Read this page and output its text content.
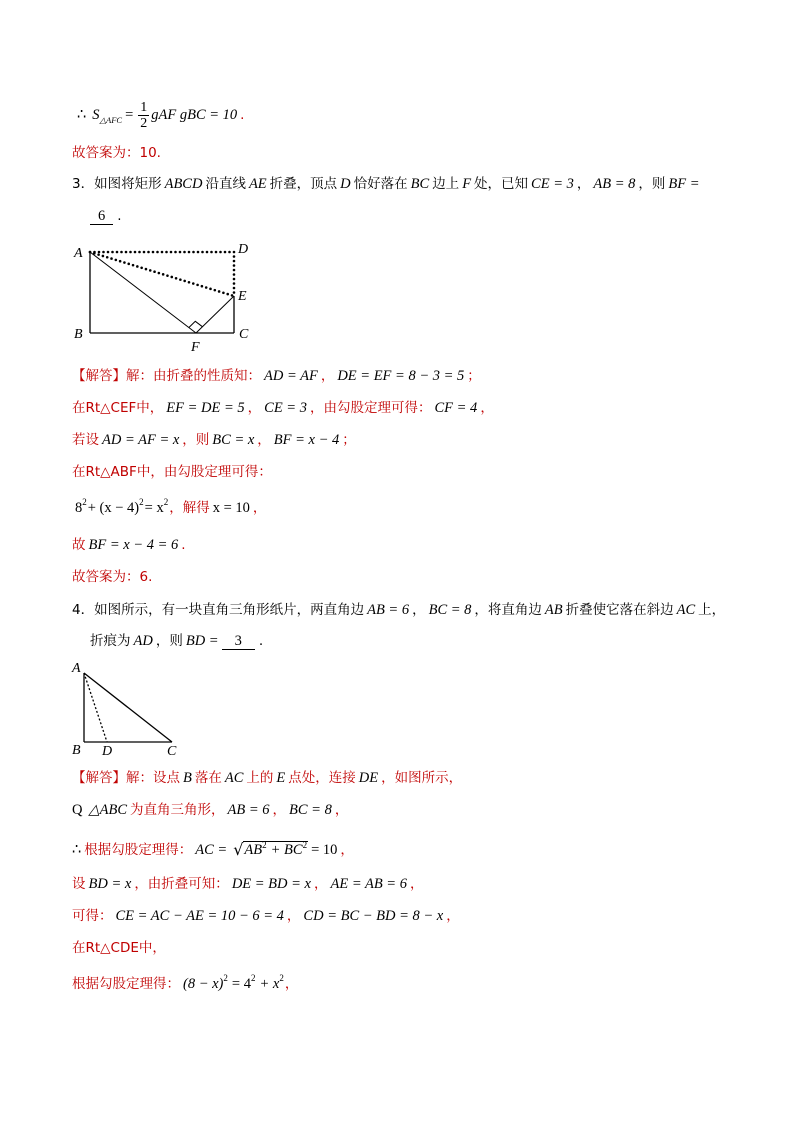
∴ S △AFC = $\frac{1}{2}$ gAF gBC = 10 .
故答案为： 10.
3．如图将矩形 ABCD 沿直线 AE 折叠，顶点 D 恰好落在 BC 边上 F 处，已知 CE = 3 ， AB = 8 ，则 BF =
6 .
A	D
E
B	C
F
【解答】解：由折叠的性质知： AD = AF ， DE = EF = 8 − 3 = 5 ；
在Rt△CEF中， EF = DE = 5 ， CE = 3 ，由勾股定理可得： CF = 4 ，
若设 AD = AF = x ，则 BC = x ， BF = x − 4 ；
在Rt△ABF中，由勾股定理可得：
8 2 + (x − 4) 2 = x 2 ，解得 x = 10 ，
故 BF = x − 4 = 6 .
故答案为： 6.
4．如图所示，有一块直角三角形纸片，两直角边 AB = 6 ， BC = 8 ，将直角边 AB 折叠使它落在斜边 AC 上，
折痕为 AD ，则 BD =	3	.
A
B D	C
【解答】解：设点 B 落在 AC 上的 E 点处，连接 DE ，如图所示，
Q △ABC 为直角三角形， AB = 6 ， BC = 8 ，
∴ 根据勾股定理得： AC = √ $AB^2 + BC^2 = 10$ ，
设 BD = x ，由折叠可知： DE = BD = x ， AE = AB = 6 ，
可得： CE = AC − AE = 10 − 6 = 4 ， CD = BC − BD = 8 − x ，
在Rt△CDE中，
根据勾股定理得： (8 − x) 2 = 4 2 + x 2 ，
